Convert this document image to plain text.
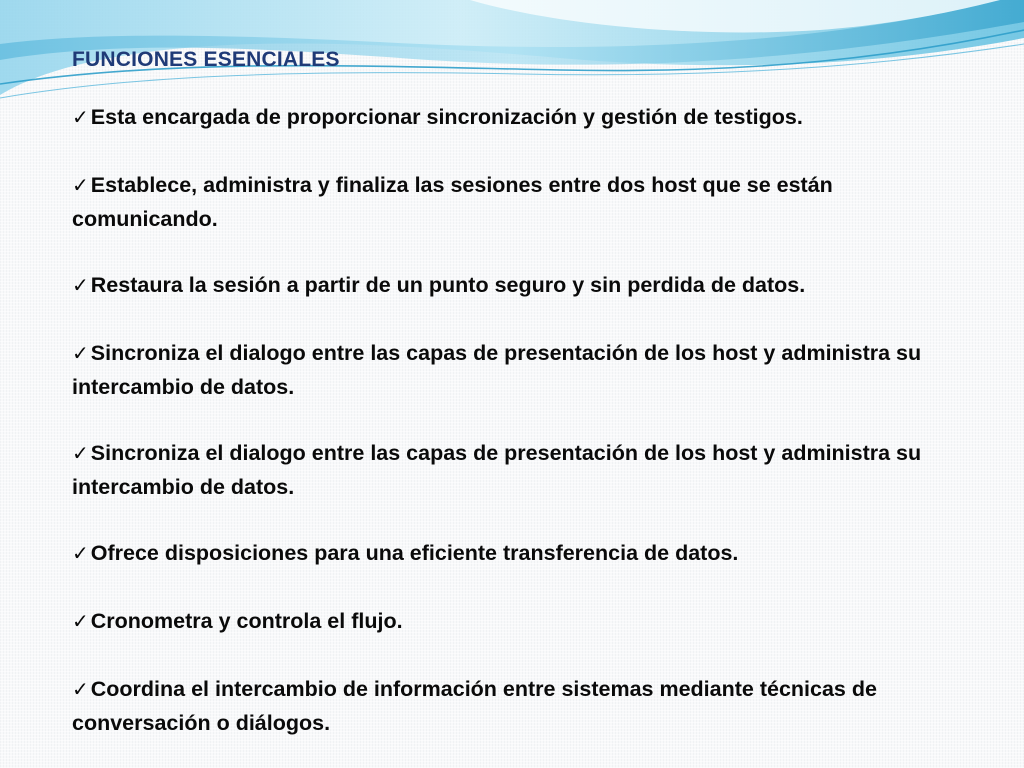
FUNCIONES ESENCIALES
✓Esta encargada de proporcionar sincronización y gestión de testigos.
✓Establece, administra y finaliza las sesiones entre dos host que se están comunicando.
✓Restaura la sesión a partir de un punto seguro y sin perdida de datos.
✓Sincroniza el dialogo entre las capas de presentación de los host y administra su intercambio de datos.
✓Sincroniza el dialogo entre las capas de presentación de los host y administra su intercambio de datos.
✓Ofrece disposiciones para una eficiente transferencia de datos.
✓Cronometra y controla el flujo.
✓Coordina el intercambio de información entre sistemas mediante técnicas de conversación o diálogos.
